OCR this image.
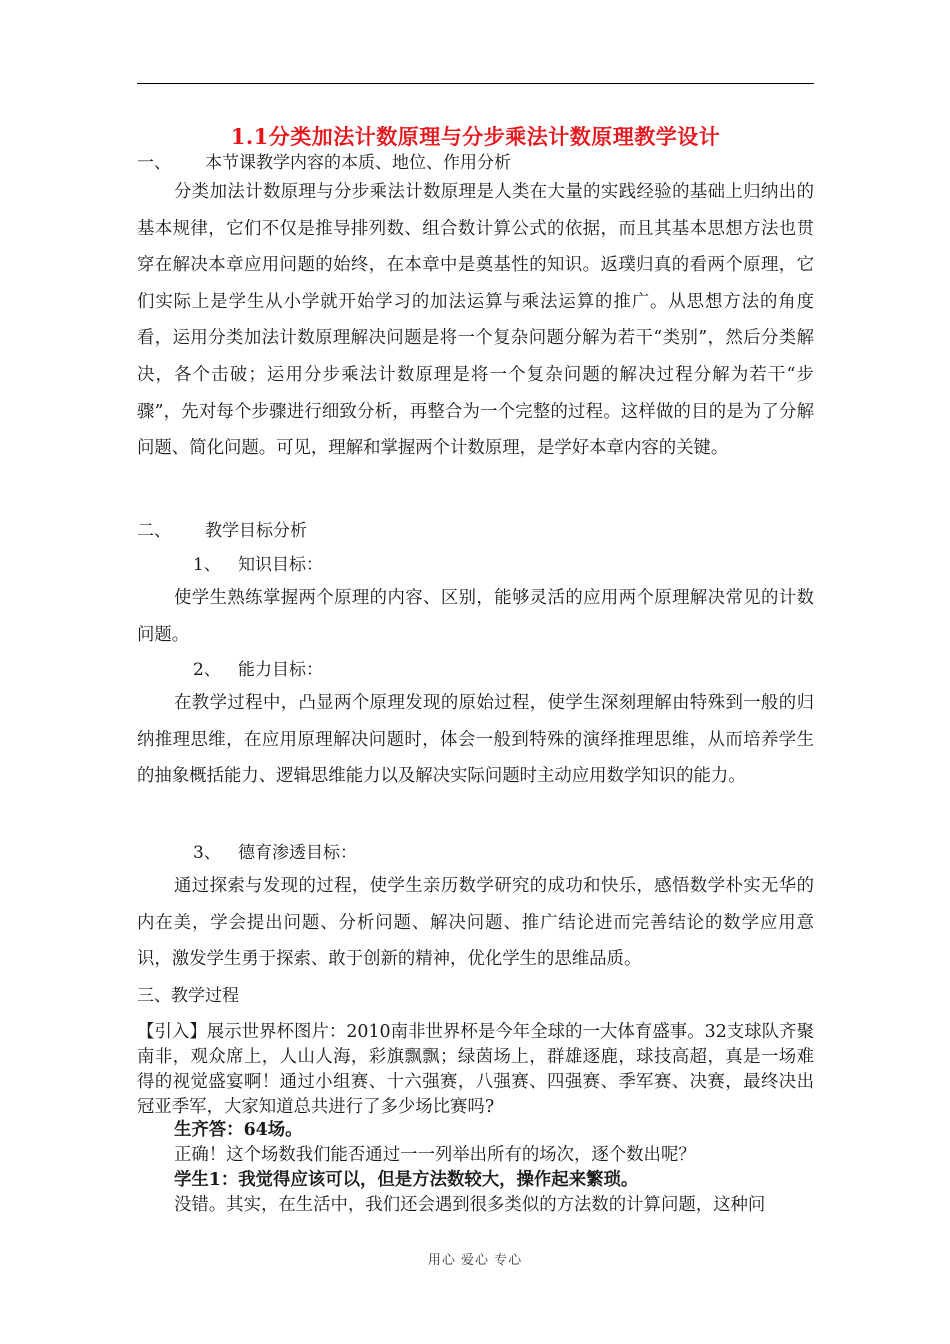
1.1分类加法计数原理与分步乘法计数原理教学设计
一、 本节课教学内容的本质、地位、作用分析
分类加法计数原理与分步乘法计数原理是人类在大量的实践经验的基础上归纳出的基本规律，它们不仅是推导排列数、组合数计算公式的依据，而且其基本思想方法也贯穿在解决本章应用问题的始终，在本章中是奠基性的知识。返璞归真的看两个原理，它们实际上是学生从小学就开始学习的加法运算与乘法运算的推广。从思想方法的角度看，运用分类加法计数原理解决问题是将一个复杂问题分解为若干“类别”，然后分类解决，各个击破；运用分步乘法计数原理是将一个复杂问题的解决过程分解为若干“步骤”，先对每个步骤进行细致分析，再整合为一个完整的过程。这样做的目的是为了分解问题、简化问题。可见，理解和掌握两个计数原理，是学好本章内容的关键。
二、 教学目标分析
1、 知识目标：
使学生熟练掌握两个原理的内容、区别，能够灵活的应用两个原理解决常见的计数问题。
2、 能力目标：
在教学过程中，凸显两个原理发现的原始过程，使学生深刻理解由特殊到一般的归纳推理思维，在应用原理解决问题时，体会一般到特殊的演绎推理思维，从而培养学生的抽象概括能力、逻辑思维能力以及解决实际问题时主动应用数学知识的能力。
3、 德育渗透目标：
通过探索与发现的过程，使学生亲历数学研究的成功和快乐，感悟数学朴实无华的内在美，学会提出问题、分析问题、解决问题、推广结论进而完善结论的数学应用意识，激发学生勇于探索、敢于创新的精神，优化学生的思维品质。
三、教学过程
【引入】展示世界杯图片：2010南非世界杯是今年全球的一大体育盛事。32支球队齐聚南非，观众席上，人山人海，彩旗飘飘；绿茵场上，群雄逐鹿，球技高超，真是一场难得的视觉盛宴啊！通过小组赛、十六强赛，八强赛、四强赛、季军赛、决赛，最终决出冠亚季军，大家知道总共进行了多少场比赛吗?
生齐答：64场。
正确！这个场数我们能否通过一一列举出所有的场次，逐个数出呢？
学生1：我觉得应该可以，但是方法数较大，操作起来繁琐。
没错。其实，在生活中，我们还会遇到很多类似的方法数的计算问题，这种问
用心 爱心 专心
